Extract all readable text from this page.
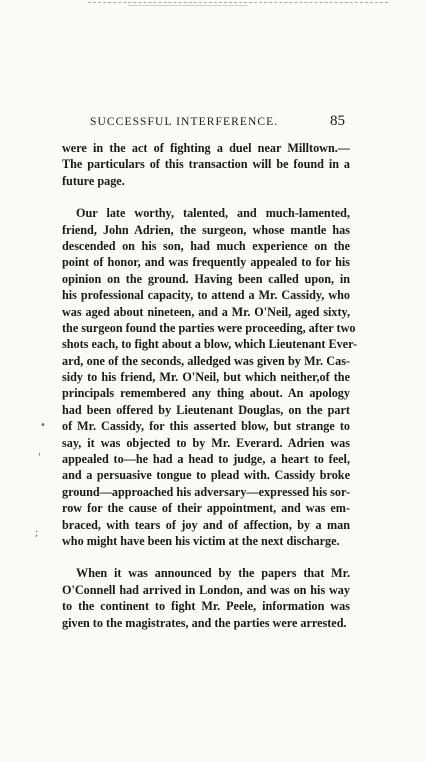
SUCCESSFUL INTERFERENCE.	85
•
'
;
were in the act of fighting a duel near Milltown.—
The particulars of this transaction will be found in a
future page.
Our late worthy, talented, and much-lamented,
friend, John Adrien, the surgeon, whose mantle has
descended on his son, had much experience on the
point of honor, and was frequently appealed to for his
opinion on the ground. Having been called upon, in
his professional capacity, to attend a Mr. Cassidy, who
was aged about nineteen, and a Mr. O'Neil, aged sixty,
the surgeon found the parties were proceeding, after two
shots each, to fight about a blow, which Lieutenant Ever-
ard, one of the seconds, alledged was given by Mr. Cas-
sidy to his friend, Mr. O'Neil, but which neither,of the
principals remembered any thing about. An apology
had been offered by Lieutenant Douglas, on the part
of Mr. Cassidy, for this asserted blow, but strange to
say, it was objected to by Mr. Everard. Adrien was
appealed to—he had a head to judge, a heart to feel,
and a persuasive tongue to plead with. Cassidy broke
ground—approached his adversary—expressed his sor-
row for the cause of their appointment, and was em-
braced, with tears of joy and of affection, by a man
who might have been his victim at the next discharge.
When it was announced by the papers that Mr.
O'Connell had arrived in London, and was on his way
to the continent to fight Mr. Peele, information was
given to the magistrates, and the parties were arrested.
